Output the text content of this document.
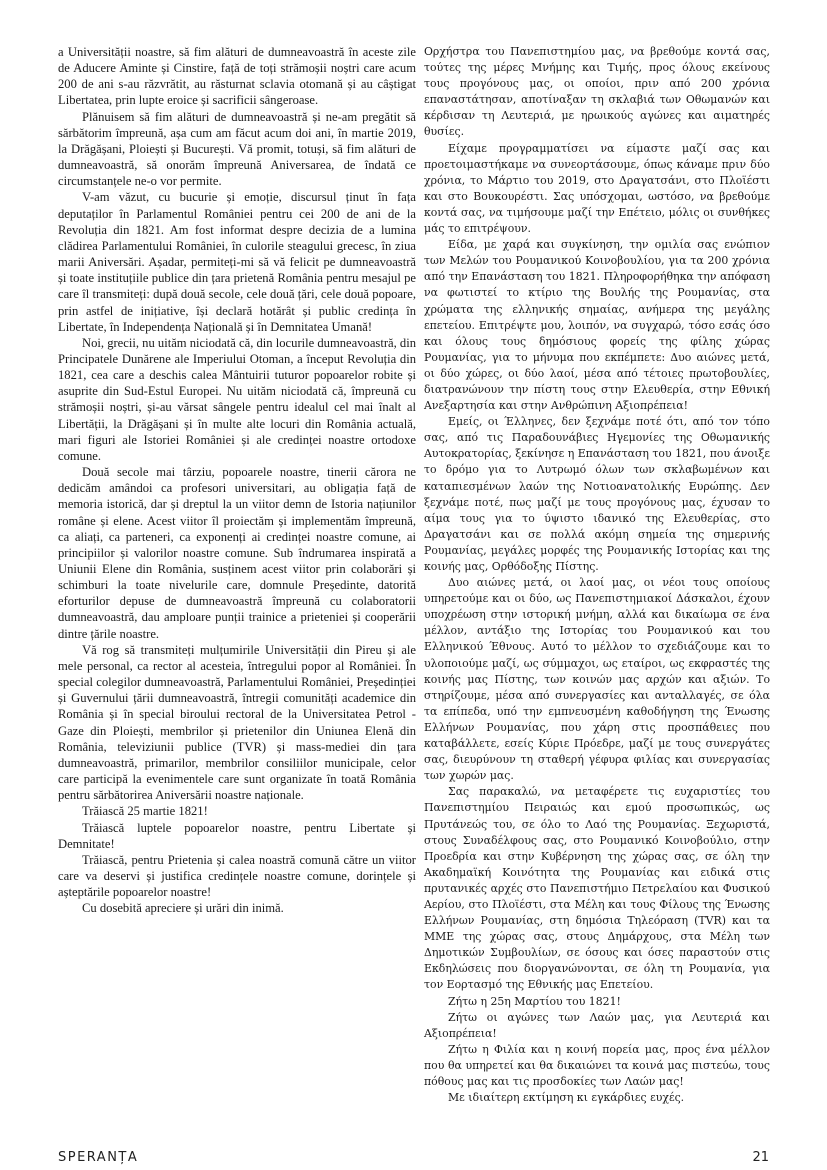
a Universității noastre, să fim alături de dumneavoastră în aceste zile de Aducere Aminte și Cinstire, față de toți strămoșii noștri care acum 200 de ani s-au răzvrătit, au răsturnat sclavia otomană și au câștigat Libertatea, prin lupte eroice și sacrificii sângeroase.

Plănuisem să fim alături de dumneavoastră și ne-am pregătit să sărbătorim împreună, așa cum am făcut acum doi ani, în martie 2019, la Drăgășani, Ploiești și București. Vă promit, totuși, să fim alături de dumneavoastră, să onorăm împreună Aniversarea, de îndată ce circumstanțele ne-o vor permite.

V-am văzut, cu bucurie și emoție, discursul ținut în fața deputaților în Parlamentul României pentru cei 200 de ani de la Revoluția din 1821. Am fost informat despre decizia de a lumina clădirea Parlamentului României, în culorile steagului grecesc, în ziua marii Aniversări. Așadar, permiteți-mi să vă felicit pe dumneavoastră și toate instituțiile publice din țara prietenă România pentru mesajul pe care îl transmiteți: după două secole, cele două țări, cele două popoare, prin astfel de inițiative, își declară hotărât și public credința în Libertate, în Independența Națională și în Demnitatea Umană!

Noi, grecii, nu uităm niciodată că, din locurile dumneavoastră, din Principatele Dunărene ale Imperiului Otoman, a început Revoluția din 1821, cea care a deschis calea Mântuirii tuturor popoarelor robite și asuprite din Sud-Estul Europei. Nu uităm niciodată că, împreună cu strămoșii noștri, și-au vărsat sângele pentru idealul cel mai înalt al Libertății, la Drăgășani și în multe alte locuri din România actuală, mari figuri ale Istoriei României și ale credinței noastre ortodoxe comune.

Două secole mai târziu, popoarele noastre, tinerii cărora ne dedicăm amândoi ca profesori universitari, au obligația față de memoria istorică, dar și dreptul la un viitor demn de Istoria națiunilor române și elene. Acest viitor îl proiectăm și implementăm împreună, ca aliați, ca parteneri, ca exponenți ai credinței noastre comune, ai principiilor și valorilor noastre comune. Sub îndrumarea inspirată a Uniunii Elene din România, susținem acest viitor prin colaborări și schimburi la toate nivelurile care, domnule Președinte, datorită eforturilor depuse de dumneavoastră împreună cu colaboratorii dumneavoastră, dau amploare punții trainice a prieteniei și cooperării dintre țările noastre.

Vă rog să transmiteți mulțumirile Universității din Pireu și ale mele personal, ca rector al acesteia, întregului popor al României. În special colegilor dumneavoastră, Parlamentului României, Președinției și Guvernului țării dumneavoastră, întregii comunități academice din România și în special biroului rectoral de la Universitatea Petrol - Gaze din Ploiești, membrilor și prietenilor din Uniunea Elenă din România, televiziunii publice (TVR) și mass-mediei din țara dumneavoastră, primarilor, membrilor consiliilor municipale, celor care participă la evenimentele care sunt organizate în toată România pentru sărbătorirea Aniversării noastre naționale.

Trăiască 25 martie 1821!

Trăiască luptele popoarelor noastre, pentru Libertate și Demnitate!

Trăiască, pentru Prietenia și calea noastră comună către un viitor care va deservi și justifica credințele noastre comune, dorințele și așteptările popoarelor noastre!

Cu dosebită apreciere și urări din inimă.

Ορχήστρα του Πανεπιστημίου μας, να βρεθούμε κοντά σας, τούτες της μέρες Μνήμης και Τιμής, προς όλους εκείνους τους προγόνους μας, οι οποίοι, πριν από 200 χρόνια επαναστάτησαν, αποτίναξαν τη σκλαβιά των Οθωμανών και κέρδισαν τη Λευτεριά, με ηρωικούς αγώνες και αιματηρές θυσίες.

Είχαμε προγραμματίσει να είμαστε μαζί σας και προετοιμαστήκαμε να συνεορτάσουμε, όπως κάναμε πριν δύο χρόνια, το Μάρτιο του 2019, στο Δραγατσάνι, στο Πλοϊέστι και στο Βουκουρέστι. Σας υπόσχομαι, ωστόσο, να βρεθούμε κοντά σας, να τιμήσουμε μαζί την Επέτειο, μόλις οι συνθήκες μάς το επιτρέψουν.

Είδα, με χαρά και συγκίνηση, την ομιλία σας ενώπιον των Μελών του Ρουμανικού Κοινοβουλίου, για τα 200 χρόνια από την Επανάσταση του 1821. Πληροφορήθηκα την απόφαση να φωτιστεί το κτίριο της Βουλής της Ρουμανίας, στα χρώματα της ελληνικής σημαίας, ανήμερα της μεγάλης επετείου. Επιτρέψτε μου, λοιπόν, να συγχαρώ, τόσο εσάς όσο και όλους τους δημόσιους φορείς της φίλης χώρας Ρουμανίας, για το μήνυμα που εκπέμπετε: Δυο αιώνες μετά, οι δύο χώρες, οι δύο λαοί, μέσα από τέτοιες πρωτοβουλίες, διατρανώνουν την πίστη τους στην Ελευθερία, στην Εθνική Ανεξαρτησία και στην Ανθρώπινη Αξιοπρέπεια!

Εμείς, οι Έλληνες, δεν ξεχνάμε ποτέ ότι, από τον τόπο σας, από τις Παραδουνάβιες Ηγεμονίες της Οθωμανικής Αυτοκρατορίας, ξεκίνησε η Επανάσταση του 1821, που άνοιξε το δρόμο για το Λυτρωμό όλων των σκλαβωμένων και καταπιεσμένων λαών της Νοτιοανατολικής Ευρώπης. Δεν ξεχνάμε ποτέ, πως μαζί με τους προγόνους μας, έχυσαν το αίμα τους για το ύψιστο ιδανικό της Ελευθερίας, στο Δραγατσάνι και σε πολλά ακόμη σημεία της σημερινής Ρουμανίας, μεγάλες μορφές της Ρουμανικής Ιστορίας και της κοινής μας, Ορθόδοξης Πίστης.

Δυο αιώνες μετά, οι λαοί μας, οι νέοι τους οποίους υπηρετούμε και οι δύο, ως Πανεπιστημιακοί Δάσκαλοι, έχουν υποχρέωση στην ιστορική μνήμη, αλλά και δικαίωμα σε ένα μέλλον, αντάξιο της Ιστορίας του Ρουμανικού και του Ελληνικού Έθνους. Αυτό το μέλλον το σχεδιάζουμε και το υλοποιούμε μαζί, ως σύμμαχοι, ως εταίροι, ως εκφραστές της κοινής μας Πίστης, των κοινών μας αρχών και αξιών. Το στηρίζουμε, μέσα από συνεργασίες και ανταλλαγές, σε όλα τα επίπεδα, υπό την εμπνευσμένη καθοδήγηση της Ένωσης Ελλήνων Ρουμανίας, που χάρη στις προσπάθειες που καταβάλλετε, εσείς Κύριε Πρόεδρε, μαζί με τους συνεργάτες σας, διευρύνουν τη σταθερή γέφυρα φιλίας και συνεργασίας των χωρών μας.

Σας παρακαλώ, να μεταφέρετε τις ευχαριστίες του Πανεπιστημίου Πειραιώς και εμού προσωπικώς, ως Πρυτάνεώς του, σε όλο το Λαό της Ρουμανίας. Ξεχωριστά, στους Συναδέλφους σας, στο Ρουμανικό Κοινοβούλιο, στην Προεδρία και στην Κυβέρνηση της χώρας σας, σε όλη την Ακαδημαϊκή Κοινότητα της Ρουμανίας και ειδικά στις πρυτανικές αρχές στο Πανεπιστήμιο Πετρελαίου και Φυσικού Αερίου, στο Πλοϊέστι, στα Μέλη και τους Φίλους της Ένωσης Ελλήνων Ρουμανίας, στη δημόσια Τηλεόραση (TVR) και τα ΜΜΕ της χώρας σας, στους Δημάρχους, στα Μέλη των Δημοτικών Συμβουλίων, σε όσους και όσες παραστούν στις Εκδηλώσεις που διοργανώνονται, σε όλη τη Ρουμανία, για τον Εορτασμό της Εθνικής μας Επετείου.

Ζήτω η 25η Μαρτίου του 1821!

Ζήτω οι αγώνες των Λαών μας, για Λευτεριά και Αξιοπρέπεια!

Ζήτω η Φιλία και η κοινή πορεία μας, προς ένα μέλλον που θα υπηρετεί και θα δικαιώνει τα κοινά μας πιστεύω, τους πόθους μας και τις προσδοκίες των Λαών μας!

Με ιδιαίτερη εκτίμηση κι εγκάρδιες ευχές.

SPERANȚA	21
